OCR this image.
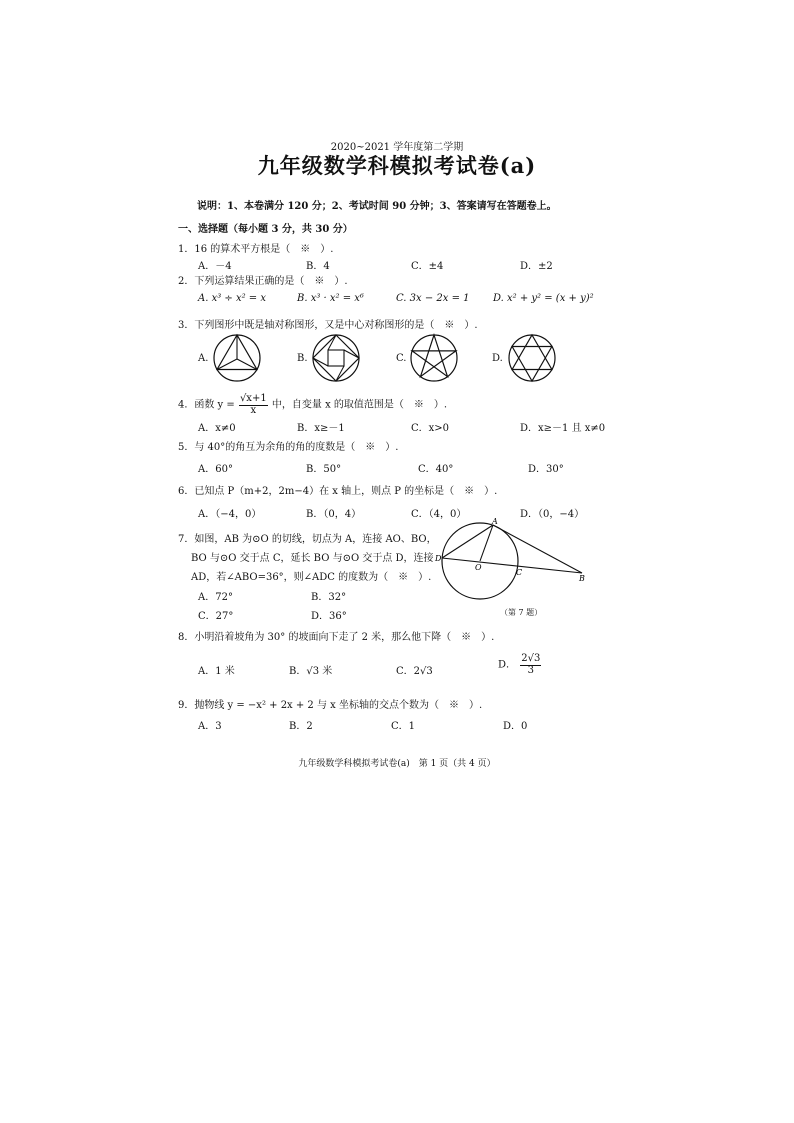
2020~2021 学年度第二学期
九年级数学科模拟考试卷(a)
说明：1、本卷满分 120 分；2、考试时间 90 分钟；3、答案请写在答题卷上。
一、选择题（每小题 3 分，共 30 分）
1．16 的算术平方根是（　※　）.
A．－4	B．4	C．±4	D．±2
2．下列运算结果正确的是（　※　）.
A. x³ ÷ x² = x	B. x³ · x² = x⁶	C. 3x − 2x = 1 D. x² + y² = (x + y)²
3．下列图形中既是轴对称图形，又是中心对称图形的是（　※　）.
A.	B.	C.	D.
4．函数 $y = \frac{√x+1}{x}$ 中，自变量 x 的取值范围是（　※　）.
A．x≠0	B．x≥－1	C．x>0	D．x≥－1 且 x≠0
5．与 40°的角互为余角的角的度数是（　※　）.
A．60°	B．50°	C．40°	D．30°
6．已知点 P（m+2，2m−4）在 x 轴上，则点 P 的坐标是（　※　）.
A．（−4，0）	B．（0，4）	C．（4，0）	D．（0，−4）
7．如图，AB 为⊙O 的切线，切点为 A，连接 AO、BO，
BO 与⊙O 交于点 C，延长 BO 与⊙O 交于点 D，连接
AD，若∠ABO=36°，则∠ADC 的度数为（　※　）.
A．72°	B．32°
C．27°	D．36°
A
D
O
C
B
（第 7 题）
8．小明沿着坡角为 30° 的坡面向下走了 2 米，那么他下降（　※　）.
A．1 米	B．√3 米	C．2√3
D． $\frac{2√3}{3}$
9．抛物线 y = −x² + 2x + 2 与 x 坐标轴的交点个数为（　※　）.
A．3	B．2	C．1	D．0
九年级数学科模拟考试卷(a)　第 1 页（共 4 页）
